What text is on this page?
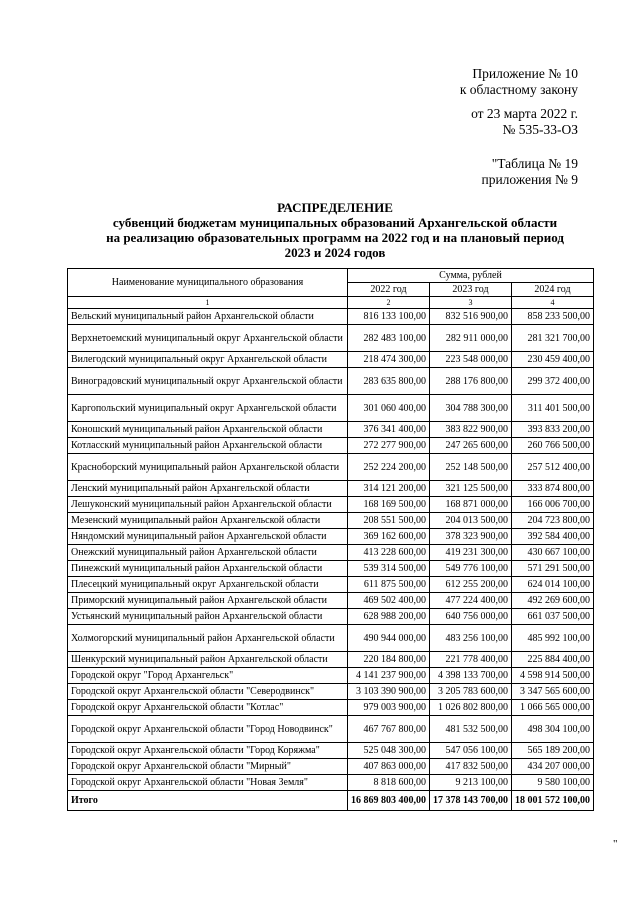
Приложение № 10
к областному закону
от 23 марта 2022 г.
№ 535-33-ОЗ
"Таблица № 19
приложения № 9
РАСПРЕДЕЛЕНИЕ
субвенций бюджетам муниципальных образований Архангельской области
на реализацию образовательных программ на 2022 год и на плановый период
2023 и 2024 годов
Наименование муниципального образования	Сумма, рублей		
	2022 год	2023 год	2024 год
1	2	3	4
Вельский муниципальный район Архангельской области	816 133 100,00	832 516 900,00	858 233 500,00
Верхнетоемский муниципальный округ Архангельской области	282 483 100,00	282 911 000,00	281 321 700,00
Вилегодский муниципальный округ Архангельской области	218 474 300,00	223 548 000,00	230 459 400,00
Виноградовский муниципальный округ Архангельской области	283 635 800,00	288 176 800,00	299 372 400,00
Каргопольский муниципальный округ Архангельской области	301 060 400,00	304 788 300,00	311 401 500,00
Коношский муниципальный район Архангельской области	376 341 400,00	383 822 900,00	393 833 200,00
Котласский муниципальный район Архангельской области	272 277 900,00	247 265 600,00	260 766 500,00
Красноборский муниципальный район Архангельской области	252 224 200,00	252 148 500,00	257 512 400,00
Ленский муниципальный район Архангельской области	314 121 200,00	321 125 500,00	333 874 800,00
Лешуконский муниципальный район Архангельской области	168 169 500,00	168 871 000,00	166 006 700,00
Мезенский муниципальный район Архангельской области	208 551 500,00	204 013 500,00	204 723 800,00
Няндомский муниципальный район Архангельской области	369 162 600,00	378 323 900,00	392 584 400,00
Онежский муниципальный район Архангельской области	413 228 600,00	419 231 300,00	430 667 100,00
Пинежский муниципальный район Архангельской области	539 314 500,00	549 776 100,00	571 291 500,00
Плесецкий муниципальный округ Архангельской области	611 875 500,00	612 255 200,00	624 014 100,00
Приморский муниципальный район Архангельской области	469 502 400,00	477 224 400,00	492 269 600,00
Устьянский муниципальный район Архангельской области	628 988 200,00	640 756 000,00	661 037 500,00
Холмогорский муниципальный район Архангельской области	490 944 000,00	483 256 100,00	485 992 100,00
Шенкурский муниципальный район Архангельской области	220 184 800,00	221 778 400,00	225 884 400,00
Городской округ "Город Архангельск"	4 141 237 900,00	4 398 133 700,00	4 598 914 500,00
Городской округ Архангельской области "Северодвинск"	3 103 390 900,00	3 205 783 600,00	3 347 565 600,00
Городской округ Архангельской области "Котлас"	979 003 900,00	1 026 802 800,00	1 066 565 000,00
Городской округ Архангельской области "Город Новодвинск"	467 767 800,00	481 532 500,00	498 304 100,00
Городской округ Архангельской области "Город Коряжма"	525 048 300,00	547 056 100,00	565 189 200,00
Городской округ Архангельской области "Мирный"	407 863 000,00	417 832 500,00	434 207 000,00
Городской округ Архангельской области "Новая Земля"	8 818 600,00	9 213 100,00	9 580 100,00
Итого	16 869 803 400,00	17 378 143 700,00	18 001 572 100,00
"
